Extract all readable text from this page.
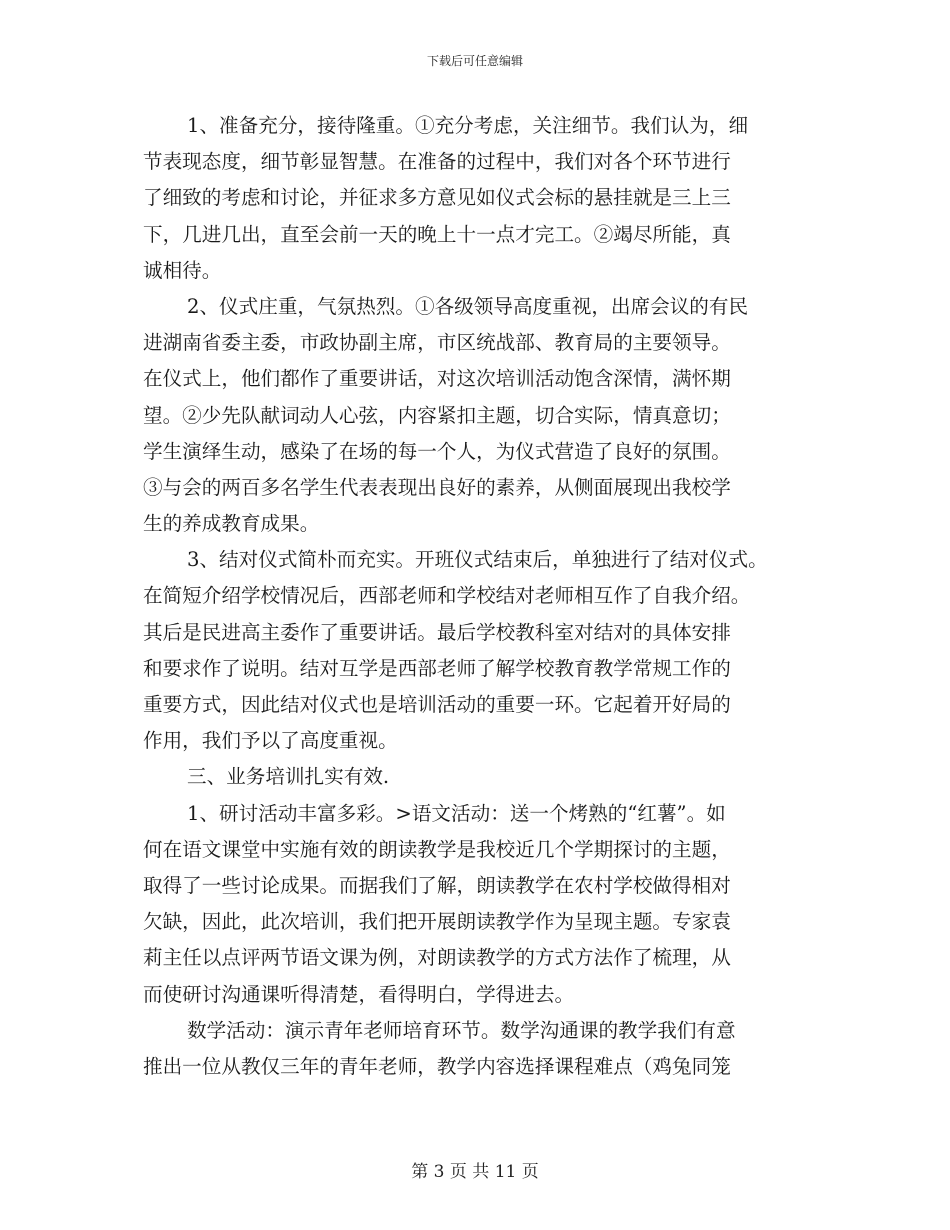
下载后可任意编辑
1、准备充分，接待隆重。①充分考虑，关注细节。我们认为，细
节表现态度，细节彰显智慧。在准备的过程中，我们对各个环节进行
了细致的考虑和讨论，并征求多方意见如仪式会标的悬挂就是三上三
下，几进几出，直至会前一天的晚上十一点才完工。②竭尽所能，真
诚相待。
2、仪式庄重，气氛热烈。①各级领导高度重视，出席会议的有民
进湖南省委主委，市政协副主席，市区统战部、教育局的主要领导。
在仪式上，他们都作了重要讲话，对这次培训活动饱含深情，满怀期
望。②少先队献词动人心弦，内容紧扣主题，切合实际，情真意切；
学生演绎生动，感染了在场的每一个人，为仪式营造了良好的氛围。
③与会的两百多名学生代表表现出良好的素养，从侧面展现出我校学
生的养成教育成果。
3、结对仪式简朴而充实。开班仪式结束后，单独进行了结对仪式。
在简短介绍学校情况后，西部老师和学校结对老师相互作了自我介绍。
其后是民进高主委作了重要讲话。最后学校教科室对结对的具体安排
和要求作了说明。结对互学是西部老师了解学校教育教学常规工作的
重要方式，因此结对仪式也是培训活动的重要一环。它起着开好局的
作用，我们予以了高度重视。
三、业务培训扎实有效.
1、研讨活动丰富多彩。>语文活动：送一个烤熟的“红薯”。如
何在语文课堂中实施有效的朗读教学是我校近几个学期探讨的主题，
取得了一些讨论成果。而据我们了解，朗读教学在农村学校做得相对
欠缺，因此，此次培训，我们把开展朗读教学作为呈现主题。专家袁
莉主任以点评两节语文课为例，对朗读教学的方式方法作了梳理，从
而使研讨沟通课听得清楚，看得明白，学得进去。
数学活动：演示青年老师培育环节。数学沟通课的教学我们有意
推出一位从教仅三年的青年老师，教学内容选择课程难点（鸡兔同笼
第 3 页 共 11 页
